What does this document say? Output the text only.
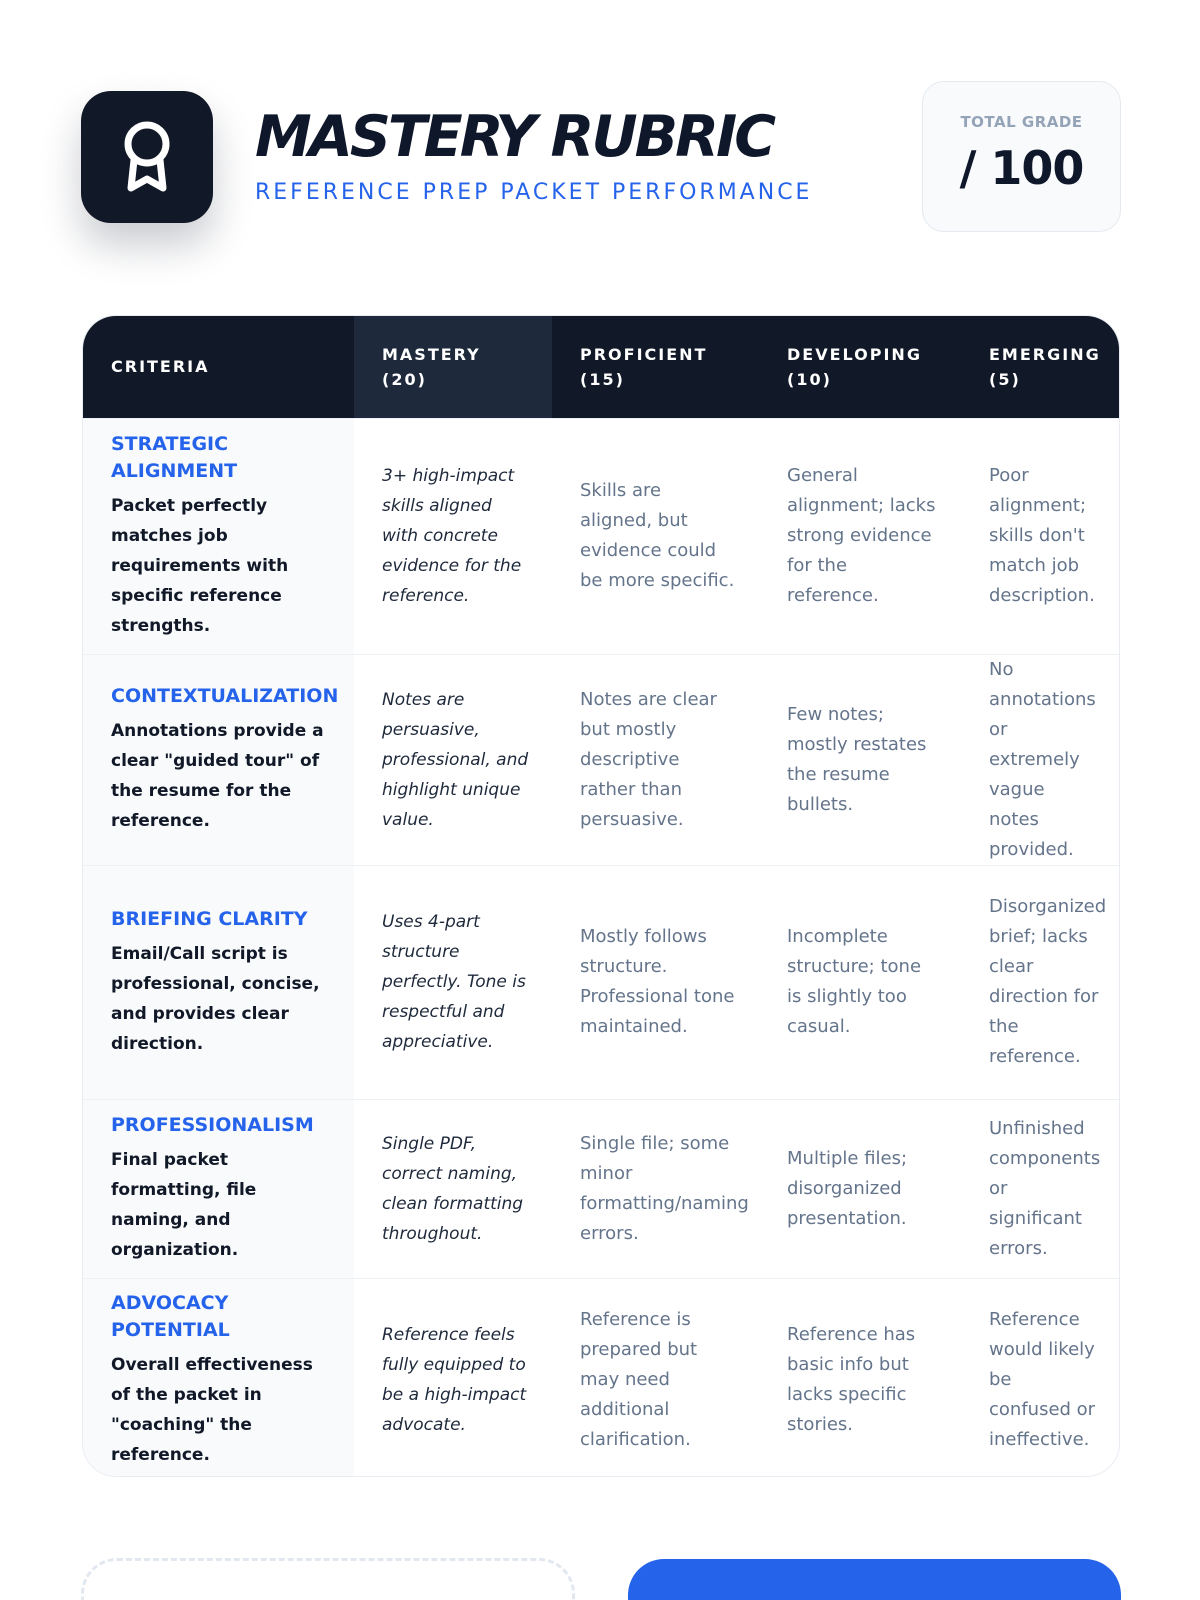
MASTERY RUBRIC
REFERENCE PREP PACKET PERFORMANCE
TOTAL GRADE
/ 100
CRITERIA	MASTERY (20)	PROFICIENT (15)	DEVELOPING (10)	EMERGING (5)

STRATEGIC ALIGNMENT
Packet perfectly matches job requirements with specific reference strengths.	3+ high-impact skills aligned with concrete evidence for the reference.	Skills are aligned, but evidence could be more specific.	General alignment; lacks strong evidence for the reference.	Poor alignment; skills don't match job description.

CONTEXTUALIZATION
Annotations provide a clear "guided tour" of the resume for the reference.	Notes are persuasive, professional, and highlight unique value.	Notes are clear but mostly descriptive rather than persuasive.	Few notes; mostly restates the resume bullets.	No annotations or extremely vague notes provided.

BRIEFING CLARITY
Email/Call script is professional, concise, and provides clear direction.	Uses 4-part structure perfectly. Tone is respectful and appreciative.	Mostly follows structure. Professional tone maintained.	Incomplete structure; tone is slightly too casual.	Disorganized brief; lacks clear direction for the reference.

PROFESSIONALISM
Final packet formatting, file naming, and organization.	Single PDF, correct naming, clean formatting throughout.	Single file; some minor formatting/naming errors.	Multiple files; disorganized presentation.	Unfinished components or significant errors.

ADVOCACY POTENTIAL
Overall effectiveness of the packet in "coaching" the reference.	Reference feels fully equipped to be a high-impact advocate.	Reference is prepared but may need additional clarification.	Reference has basic info but lacks specific stories.	Reference would likely be confused or ineffective.
